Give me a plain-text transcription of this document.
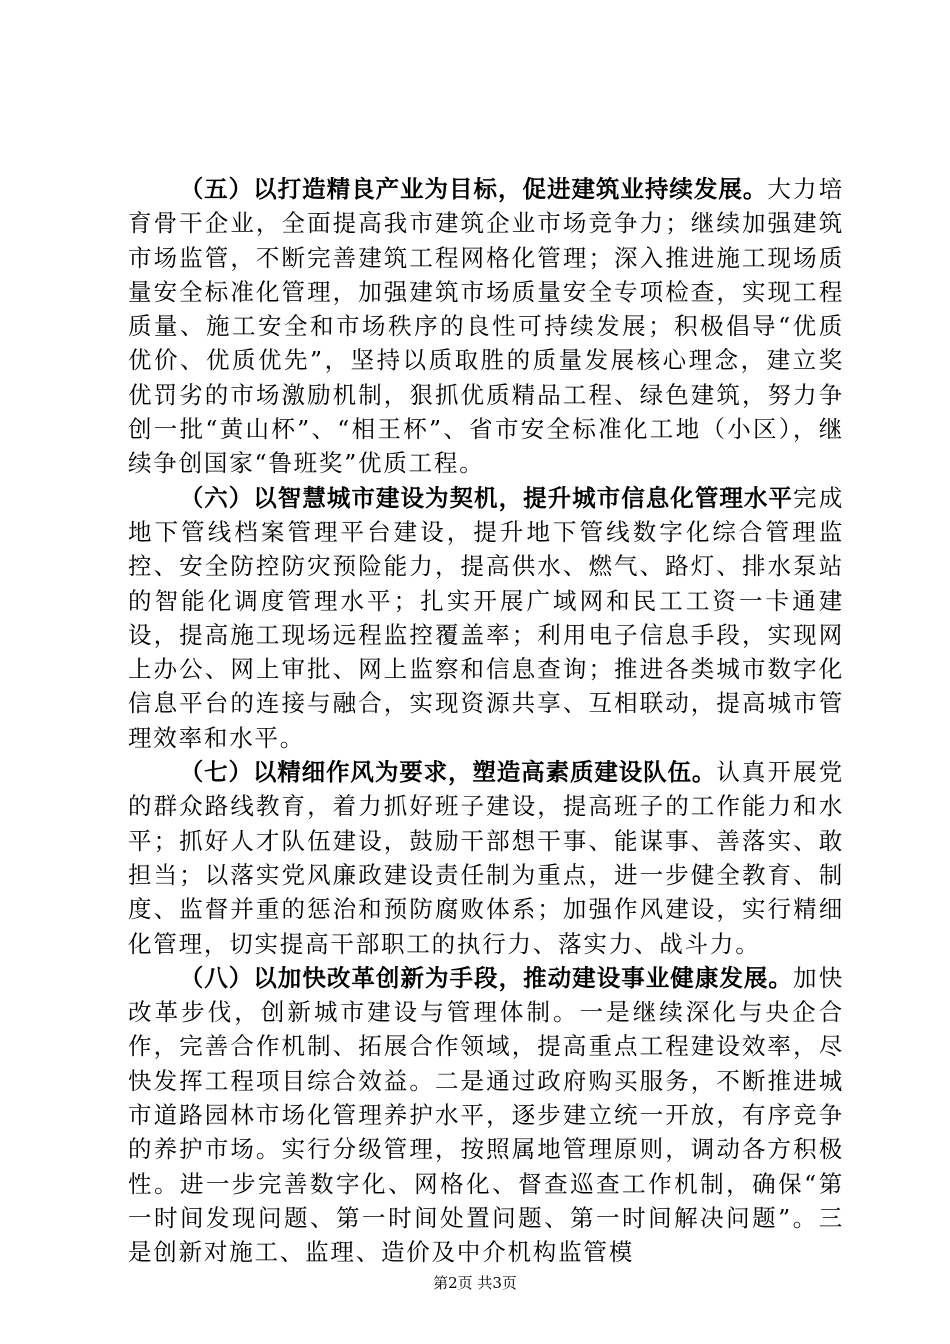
（五）以打造精良产业为目标，促进建筑业持续发展。大力培育骨干企业，全面提高我市建筑企业市场竞争力；继续加强建筑市场监管，不断完善建筑工程网格化管理；深入推进施工现场质量安全标准化管理，加强建筑市场质量安全专项检查，实现工程质量、施工安全和市场秩序的良性可持续发展；积极倡导“优质优价、优质优先”，坚持以质取胜的质量发展核心理念，建立奖优罚劣的市场激励机制，狠抓优质精品工程、绿色建筑，努力争创一批“黄山杯”、“相王杯”、省市安全标准化工地（小区），继续争创国家“鲁班奖”优质工程。

（六）以智慧城市建设为契机，提升城市信息化管理水平完成地下管线档案管理平台建设，提升地下管线数字化综合管理监控、安全防控防灾预险能力，提高供水、燃气、路灯、排水泵站的智能化调度管理水平；扎实开展广域网和民工工资一卡通建设，提高施工现场远程监控覆盖率；利用电子信息手段，实现网上办公、网上审批、网上监察和信息查询；推进各类城市数字化信息平台的连接与融合，实现资源共享、互相联动，提高城市管理效率和水平。

（七）以精细作风为要求，塑造高素质建设队伍。认真开展党的群众路线教育，着力抓好班子建设，提高班子的工作能力和水平；抓好人才队伍建设，鼓励干部想干事、能谋事、善落实、敢担当；以落实党风廉政建设责任制为重点，进一步健全教育、制度、监督并重的惩治和预防腐败体系；加强作风建设，实行精细化管理，切实提高干部职工的执行力、落实力、战斗力。

（八）以加快改革创新为手段，推动建设事业健康发展。加快改革步伐，创新城市建设与管理体制。一是继续深化与央企合作，完善合作机制、拓展合作领域，提高重点工程建设效率，尽快发挥工程项目综合效益。二是通过政府购买服务，不断推进城市道路园林市场化管理养护水平，逐步建立统一开放，有序竞争的养护市场。实行分级管理，按照属地管理原则，调动各方积极性。进一步完善数字化、网格化、督查巡查工作机制，确保“第一时间发现问题、第一时间处置问题、第一时间解决问题”。三是创新对施工、监理、造价及中介机构监管模

第2页 共3页
